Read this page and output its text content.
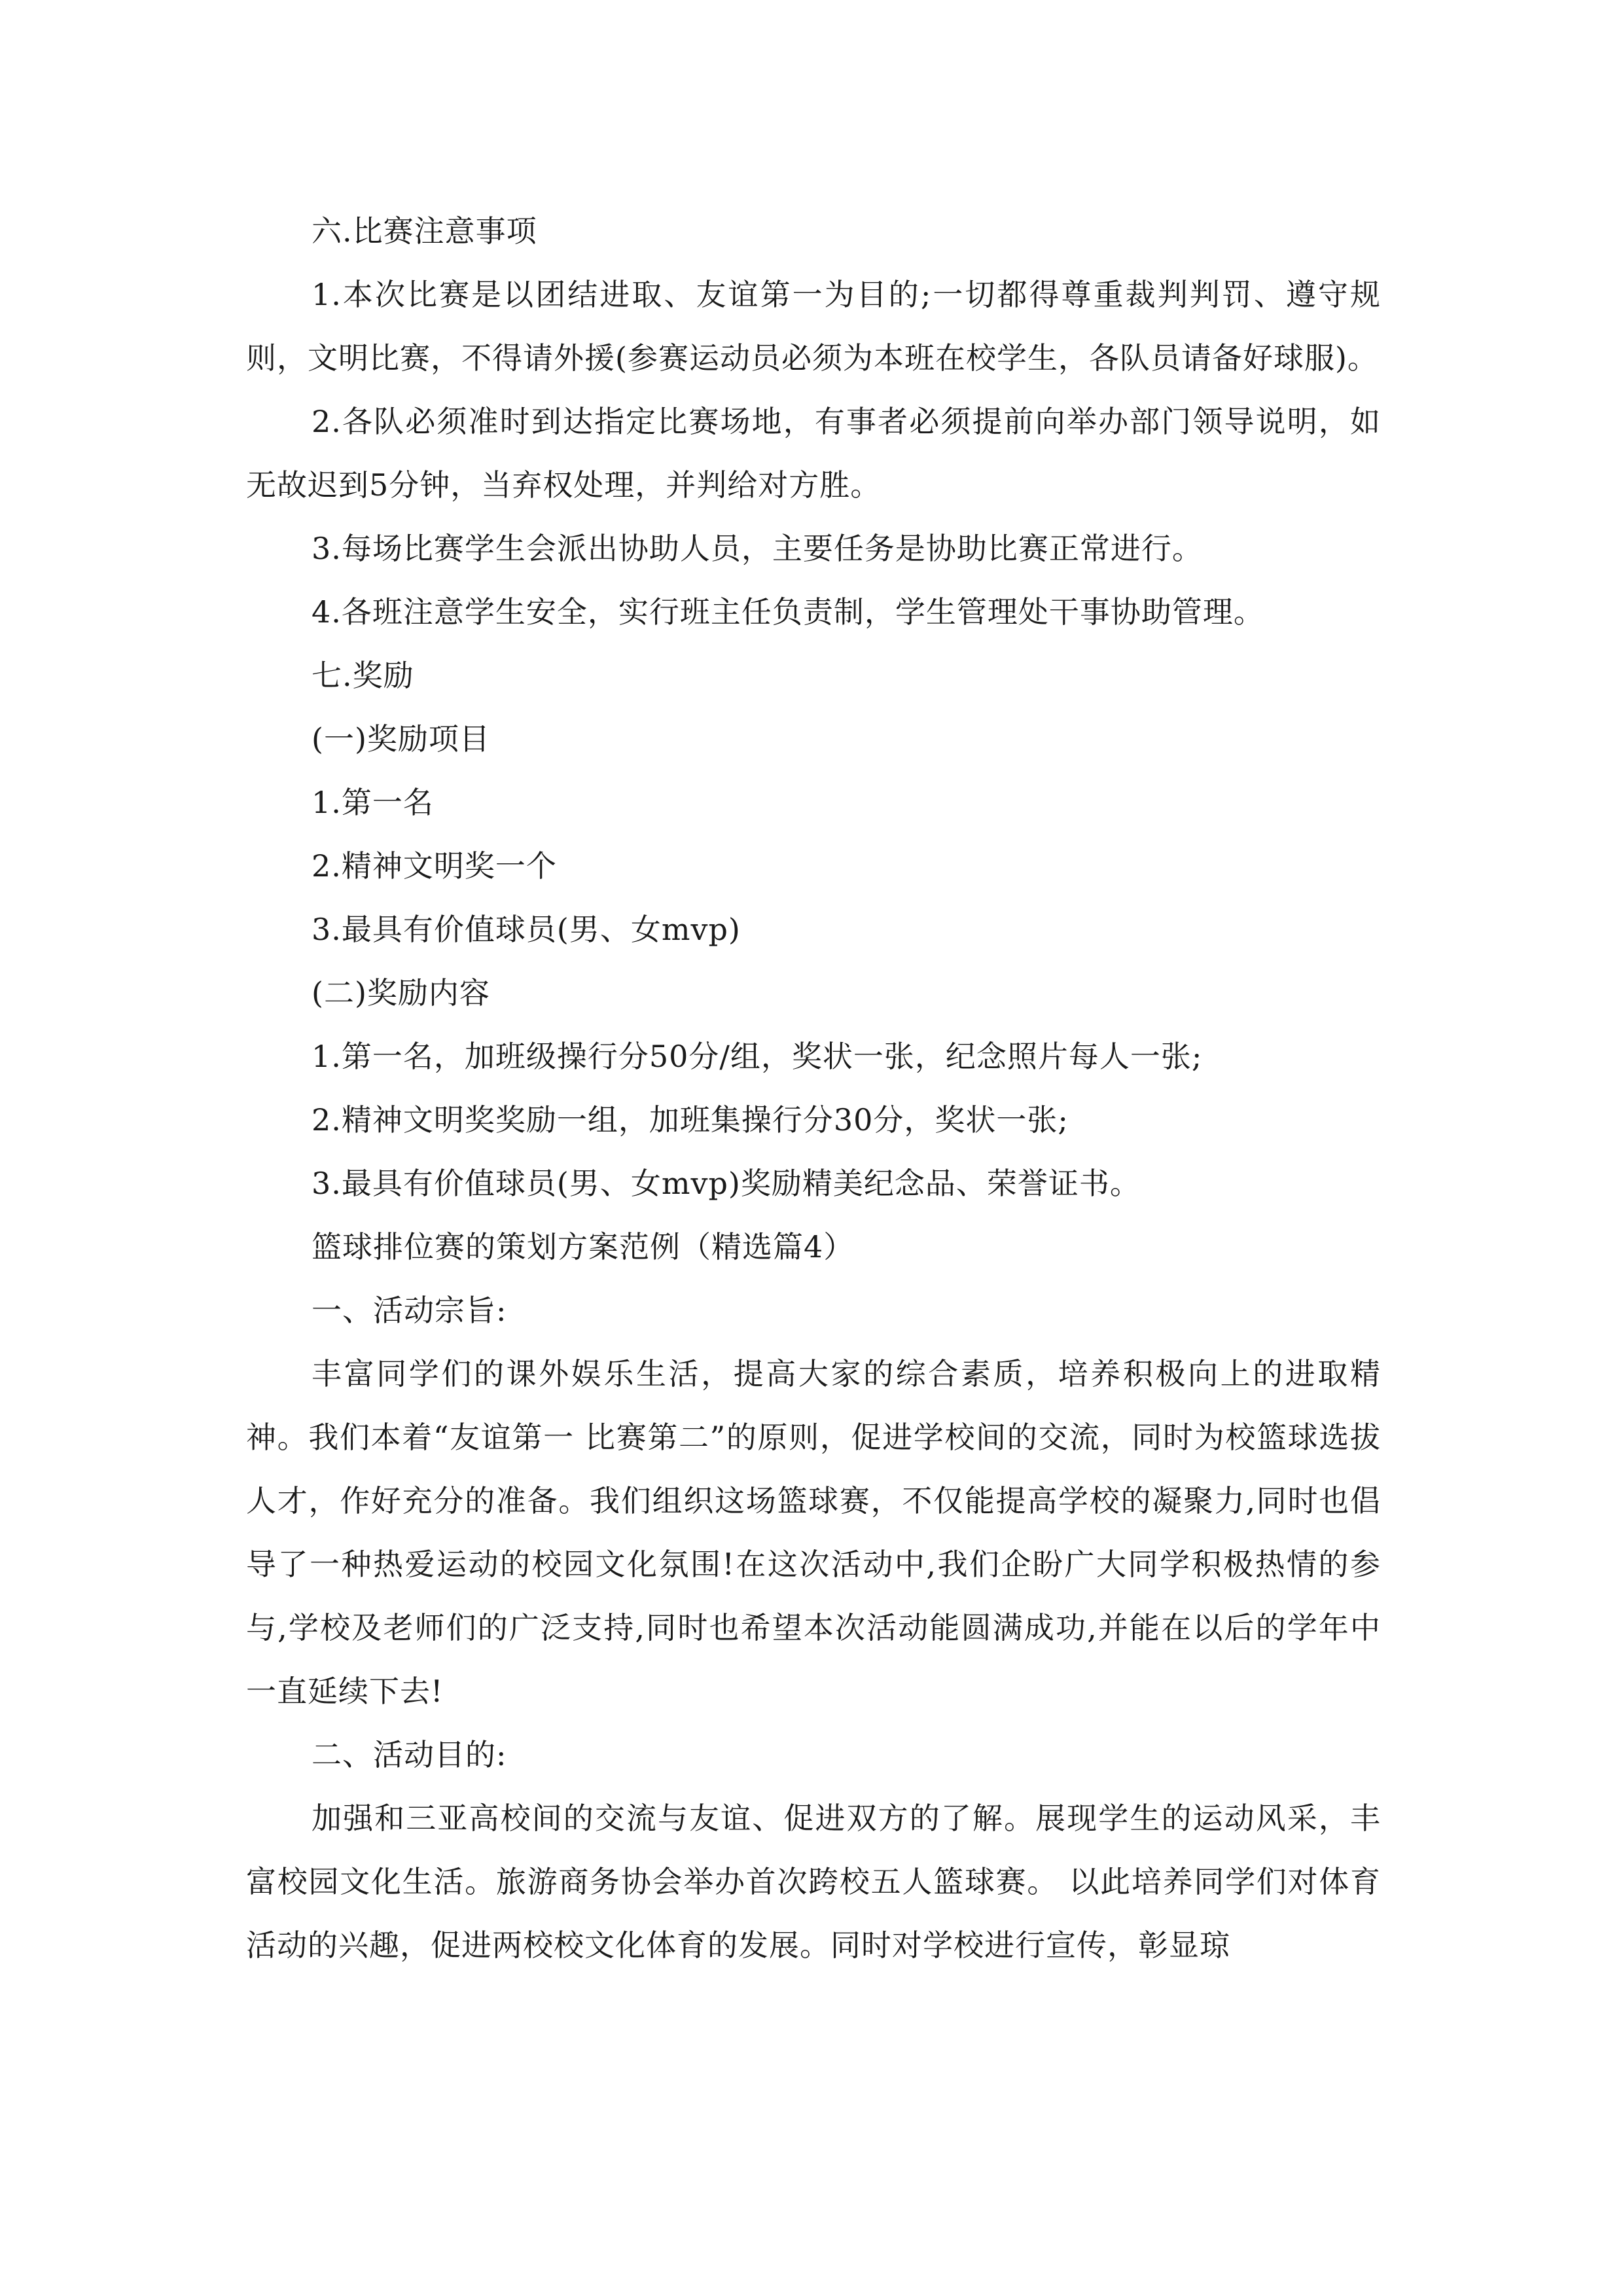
六.比赛注意事项

1.本次比赛是以团结进取、友谊第一为目的;一切都得尊重裁判判罚、遵守规则，文明比赛，不得请外援(参赛运动员必须为本班在校学生，各队员请备好球服)。

2.各队必须准时到达指定比赛场地，有事者必须提前向举办部门领导说明，如无故迟到5分钟，当弃权处理，并判给对方胜。

3.每场比赛学生会派出协助人员，主要任务是协助比赛正常进行。

4.各班注意学生安全，实行班主任负责制，学生管理处干事协助管理。

七.奖励

(一)奖励项目

1.第一名

2.精神文明奖一个

3.最具有价值球员(男、女mvp)

(二)奖励内容

1.第一名，加班级操行分50分/组，奖状一张，纪念照片每人一张;

2.精神文明奖奖励一组，加班集操行分30分，奖状一张;

3.最具有价值球员(男、女mvp)奖励精美纪念品、荣誉证书。

篮球排位赛的策划方案范例（精选篇4）

一、活动宗旨:

丰富同学们的课外娱乐生活，提高大家的综合素质，培养积极向上的进取精神。我们本着“友谊第一 比赛第二”的原则，促进学校间的交流，同时为校篮球选拔人才，作好充分的准备。我们组织这场篮球赛，不仅能提高学校的凝聚力,同时也倡导了一种热爱运动的校园文化氛围!在这次活动中,我们企盼广大同学积极热情的参与,学校及老师们的广泛支持,同时也希望本次活动能圆满成功,并能在以后的学年中一直延续下去!

二、活动目的:

加强和三亚高校间的交流与友谊、促进双方的了解。展现学生的运动风采，丰富校园文化生活。旅游商务协会举办首次跨校五人篮球赛。 以此培养同学们对体育活动的兴趣，促进两校校文化体育的发展。同时对学校进行宣传，彰显琼
